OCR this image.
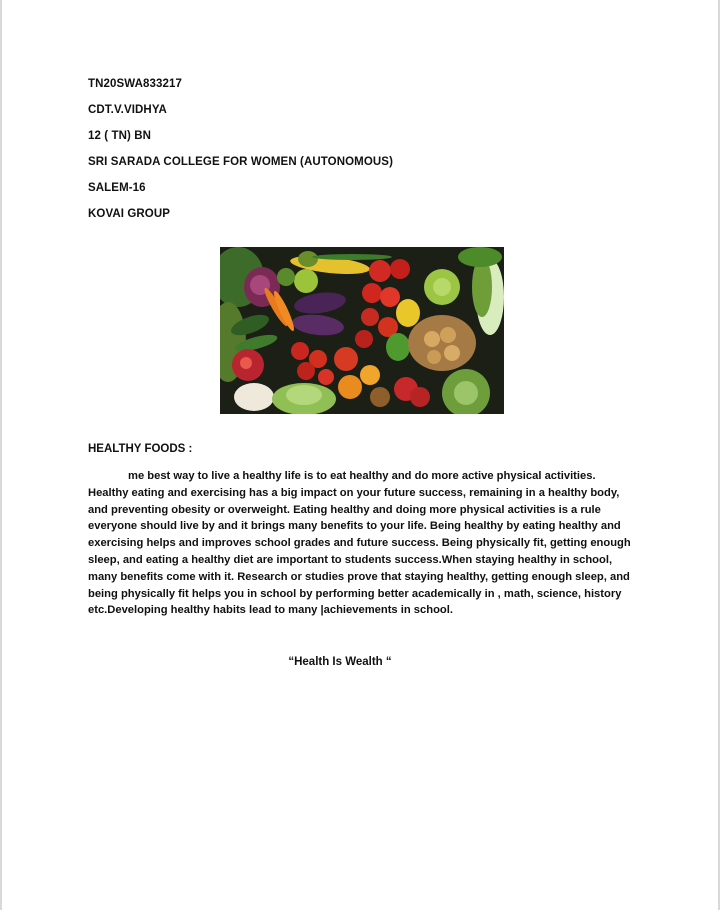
TN20SWA833217
CDT.V.VIDHYA
12 ( TN) BN
SRI SARADA COLLEGE FOR WOMEN (AUTONOMOUS)
SALEM-16
KOVAI GROUP
HEALTHY FOODS :
me best way to live a healthy life is to eat healthy and do more active physical activities.
Healthy eating and exercising has a big impact on your future success, remaining in a healthy body,
and preventing obesity or overweight. Eating healthy and doing more physical activities is a rule
everyone should live by and it brings many benefits to your life. Being healthy by eating healthy and
exercising helps and improves school grades and future success. Being physically fit, getting enough
sleep, and eating a healthy diet are important to students success.When staying healthy in school,
many benefits come with it. Research or studies prove that staying healthy, getting enough sleep, and
being physically fit helps you in school by performing better academically in , math, science, history
etc.Developing healthy habits lead to many |achievements in school.
“Health Is Wealth “
